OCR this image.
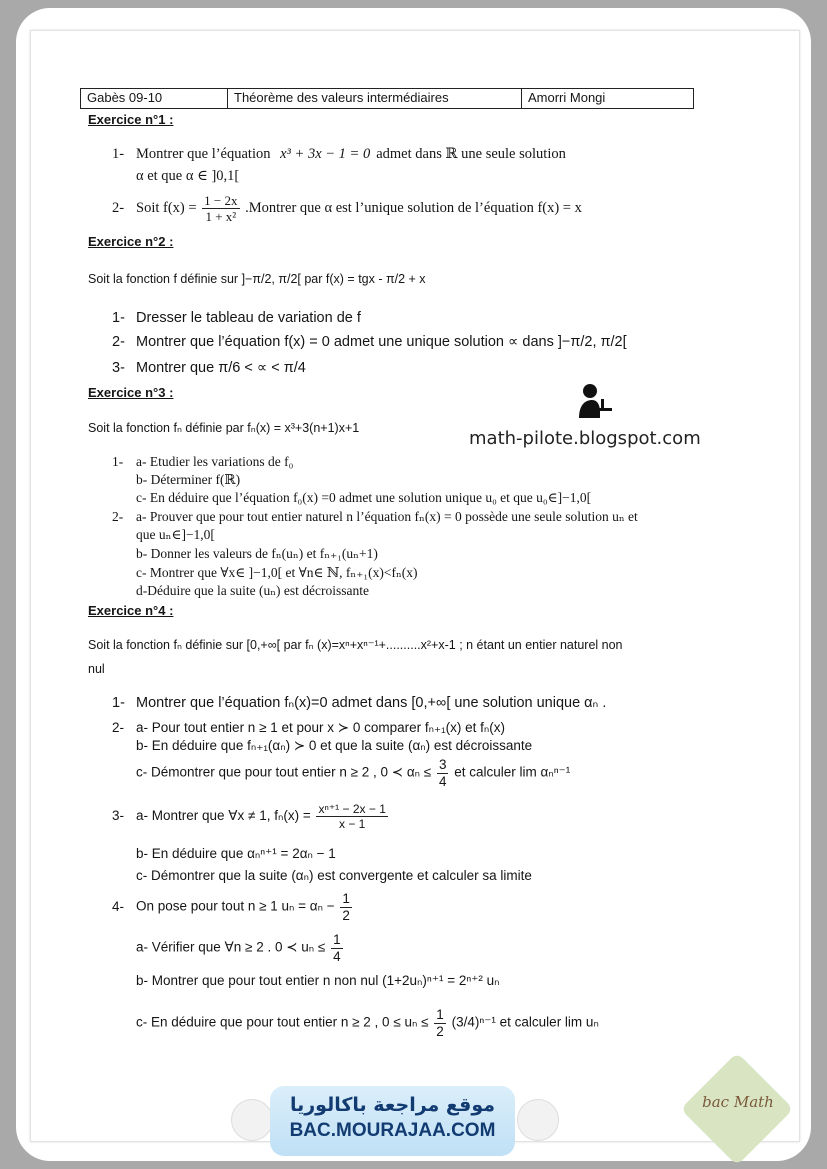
Gabès 09-10	Théorème des valeurs intermédiaires	Amorri Mongi
Exercice n°1 :
1- Montrer que l’équation x³ + 3x − 1 = 0 admet dans ℝ une seule solution
α et que α ∈ ]0,1[
2- Soit $f(x) = \frac{1 - 2x}{\text{1 + x²}}$ .Montrer que α est l’unique solution de l’équation f(x) = x
Exercice n°2 :
Soit la fonction f définie sur ]−π/2, π/2[ par f(x) = tgx - π/2 + x
1- Dresser le tableau de variation de f
2- Montrer que l’équation f(x) = 0 admet une unique solution ∝ dans ]−π/2, π/2[
3- Montrer que π/6 < ∝ < π/4
Exercice n°3 :
math-pilote.blogspot.com
Soit la fonction fₙ définie par fₙ(x) = x³+3(n+1)x+1
1- a- Etudier les variations de f₀
b- Déterminer f(ℝ)
c- En déduire que l’équation f₀(x) =0 admet une solution unique u₀ et que u₀∈]−1,0[
2- a- Prouver que pour tout entier naturel n l’équation fₙ(x) = 0 possède une seule solution uₙ et
que uₙ∈]−1,0[
b- Donner les valeurs de fₙ(uₙ) et fₙ₊₁(uₙ+1)
c- Montrer que ∀x∈ ]−1,0[ et ∀n∈ ℕ, fₙ₊₁(x)<fₙ(x)
d-Déduire que la suite (uₙ) est décroissante
Exercice n°4 :
Soit la fonction fₙ définie sur [0,+∞[ par fₙ (x)=xⁿ+xⁿ⁻¹+..........x²+x-1 ; n étant un entier naturel non
nul
1- Montrer que l’équation fₙ(x)=0 admet dans [0,+∞[ une solution unique αₙ .
2- a- Pour tout entier n ≥ 1 et pour x ≻ 0 comparer fₙ₊₁(x) et fₙ(x)
b- En déduire que fₙ₊₁(αₙ) ≻ 0 et que la suite (αₙ) est décroissante
c- Démontrer que pour tout entier n ≥ 2 , 0 ≺ $\alpha_n \le \frac{3}{4}$ et calculer lim αₙⁿ⁻¹
3- a- Montrer que ∀x ≠ 1, $f_n(x) = \frac{\text{xⁿ⁺¹ − 2x − 1}}{x - 1}$
b- En déduire que αₙⁿ⁺¹ = 2αₙ − 1
c- Démontrer que la suite (αₙ) est convergente et calculer sa limite
4- On pose pour tout n ≥ 1 $u_n = \alpha_n - \frac{1}{2}$
a- Vérifier que ∀n ≥ 2 . 0 ≺ $u_n \le \frac{1}{4}$
b- Montrer que pour tout entier n non nul (1+2uₙ)ⁿ⁺¹ = 2ⁿ⁺² uₙ
c- En déduire que pour tout entier n ≥ 2 , $0 \le u_n \le \frac{1}{2} (3/4)^{n-1}$ et calculer lim uₙ
موقع مراجعة باكالوريا
BAC.MOURAJAA.COM
bac Math
